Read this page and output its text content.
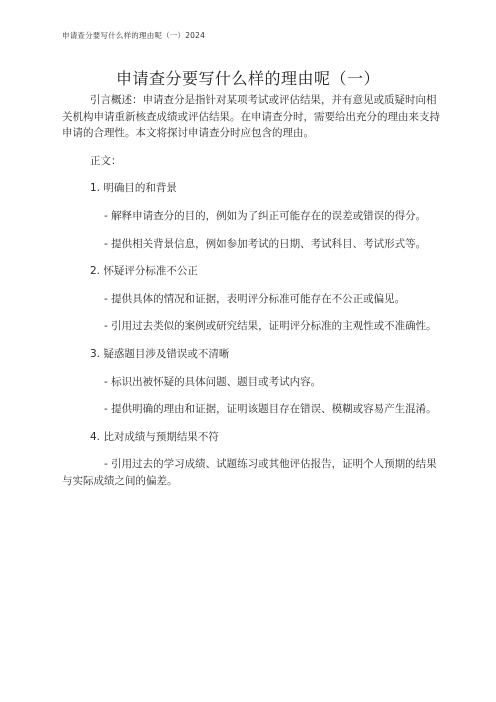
申请查分要写什么样的理由呢（一）2024
申请查分要写什么样的理由呢（一）

引言概述：申请查分是指针对某项考试或评估结果，并有意见或质疑时向相关机构申请重新核查成绩或评估结果。在申请查分时，需要给出充分的理由来支持申请的合理性。本文将探讨申请查分时应包含的理由。

正文：

1. 明确目的和背景

- 解释申请查分的目的，例如为了纠正可能存在的误差或错误的得分。

- 提供相关背景信息，例如参加考试的日期、考试科目、考试形式等。

2. 怀疑评分标准不公正

- 提供具体的情况和证据，表明评分标准可能存在不公正或偏见。

- 引用过去类似的案例或研究结果，证明评分标准的主观性或不准确性。

3. 疑惑题目涉及错误或不清晰

- 标识出被怀疑的具体问题、题目或考试内容。

- 提供明确的理由和证据，证明该题目存在错误、模糊或容易产生混淆。

4. 比对成绩与预期结果不符

- 引用过去的学习成绩、试题练习或其他评估报告，证明个人预期的结果与实际成绩之间的偏差。
